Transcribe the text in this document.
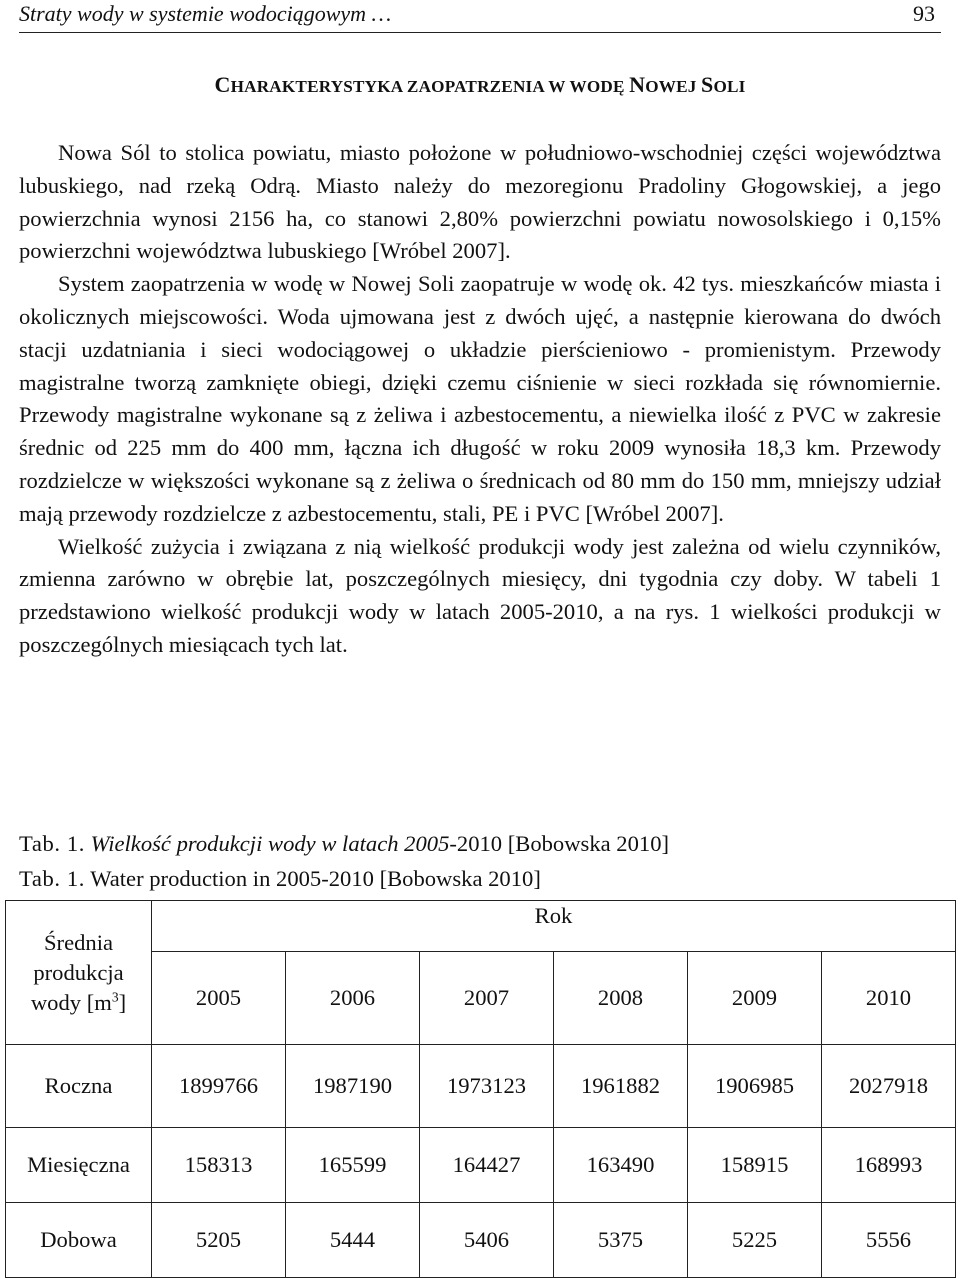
Straty wody w systemie wodociągowym …	93
CHARAKTERYSTYKA ZAOPATRZENIA W WODĘ NOWEJ SOLI

Nowa Sól to stolica powiatu, miasto położone w południowo-wschodniej części województwa lubuskiego, nad rzeką Odrą. Miasto należy do mezoregionu Pradoliny Głogowskiej, a jego powierzchnia wynosi 2156 ha, co stanowi 2,80% powierzchni powiatu nowosolskiego i 0,15% powierzchni województwa lubuskiego [Wróbel 2007].

System zaopatrzenia w wodę w Nowej Soli zaopatruje w wodę ok. 42 tys. mieszkańców miasta i okolicznych miejscowości. Woda ujmowana jest z dwóch ujęć, a następnie kierowana do dwóch stacji uzdatniania i sieci wodociągowej o układzie pierścieniowo - promienistym. Przewody magistralne tworzą zamknięte obiegi, dzięki czemu ciśnienie w sieci rozkłada się równomiernie. Przewody magistralne wykonane są z żeliwa i azbestocementu, a niewielka ilość z PVC w zakresie średnic od 225 mm do 400 mm, łączna ich długość w roku 2009 wynosiła 18,3 km. Przewody rozdzielcze w większości wykonane są z żeliwa o średnicach od 80 mm do 150 mm, mniejszy udział mają przewody rozdzielcze z azbestocementu, stali, PE i PVC [Wróbel 2007].

Wielkość zużycia i związana z nią wielkość produkcji wody jest zależna od wielu czynników, zmienna zarówno w obrębie lat, poszczególnych miesięcy, dni tygodnia czy doby. W tabeli 1 przedstawiono wielkość produkcji wody w latach 2005-2010, a na rys. 1 wielkości produkcji w poszczególnych miesiącach tych lat.

Tab. 1. Wielkość produkcji wody w latach 2005-2010 [Bobowska 2010]
Tab. 1. Water production in 2005-2010 [Bobowska 2010]
Średnia produkcja wody $[m^3]$	Rok					
	2005	2006	2007	2008	2009	2010
Roczna	1899766	1987190	1973123	1961882	1906985	2027918
Miesięczna	158313	165599	164427	163490	158915	168993
Dobowa	5205	5444	5406	5375	5225	5556
